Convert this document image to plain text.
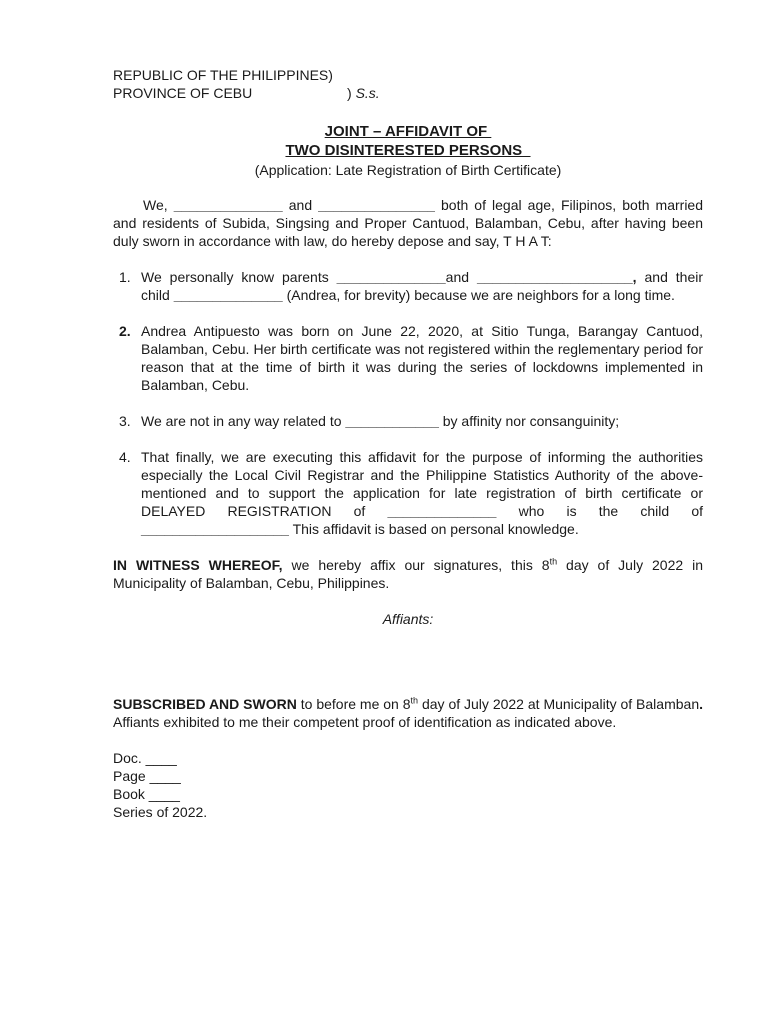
REPUBLIC OF THE PHILIPPINES)
PROVINCE OF CEBU	) S.s.
JOINT – AFFIDAVIT OF
TWO DISINTERESTED PERSONS
(Application: Late Registration of Birth Certificate)
We, ______________ and _______________ both of legal age, Filipinos, both married and residents of Subida, Singsing and Proper Cantuod, Balamban, Cebu, after having been duly sworn in accordance with law, do hereby depose and say, T H A T:
1. We personally know parents ______________and ____________________, and their child ______________ (Andrea, for brevity) because we are neighbors for a long time.
2. Andrea Antipuesto was born on June 22, 2020, at Sitio Tunga, Barangay Cantuod, Balamban, Cebu. Her birth certificate was not registered within the reglementary period for reason that at the time of birth it was during the series of lockdowns implemented in Balamban, Cebu.
3. We are not in any way related to ____________ by affinity nor consanguinity;
4. That finally, we are executing this affidavit for the purpose of informing the authorities especially the Local Civil Registrar and the Philippine Statistics Authority of the above-mentioned and to support the application for late registration of birth certificate or DELAYED REGISTRATION of ______________ who is the child of ___________________ This affidavit is based on personal knowledge.
IN WITNESS WHEREOF, we hereby affix our signatures, this 8th day of July 2022 in Municipality of Balamban, Cebu, Philippines.
Affiants:
SUBSCRIBED AND SWORN to before me on 8th day of July 2022 at Municipality of Balamban. Affiants exhibited to me their competent proof of identification as indicated above.
Doc. ____
Page ____
Book ____
Series of 2022.
